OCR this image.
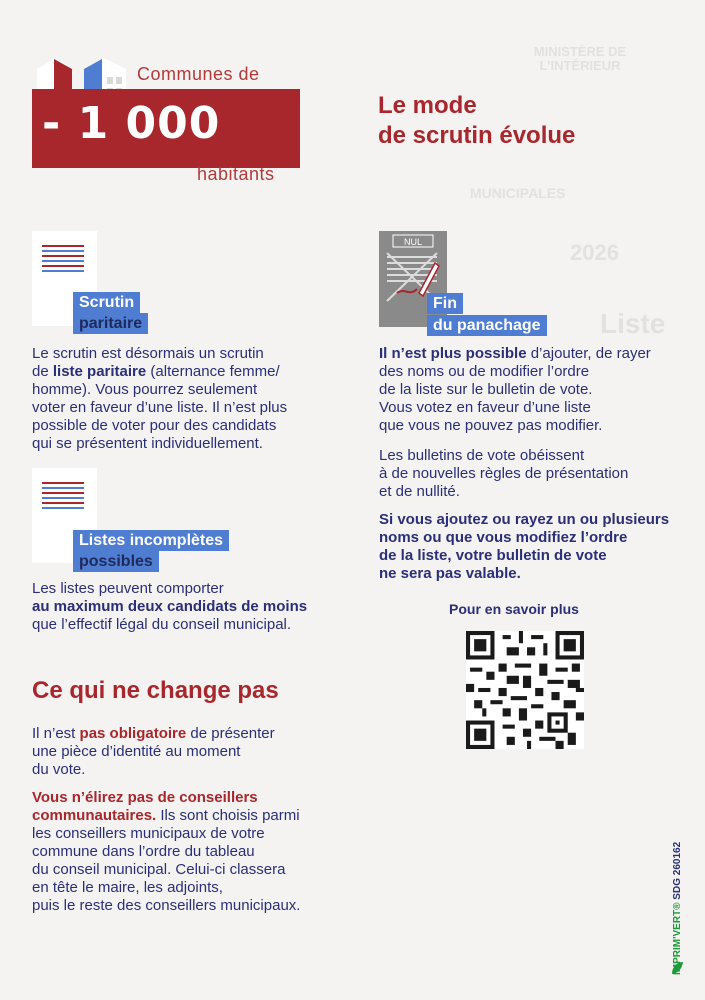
MINISTÈRE DE L'INTÉRIEUR
MUNICIPALES
2026
Liste
Communes de
- 1 000
habitants
Le mode
de scrutin évolue
Scrutin
paritaire
Le scrutin est désormais un scrutin
de liste paritaire (alternance femme/
homme). Vous pourrez seulement
voter en faveur d’une liste. Il n’est plus
possible de voter pour des candidats
qui se présentent individuellement.
Listes incomplètes
possibles
Les listes peuvent comporter
au maximum deux candidats de moins
que l’effectif légal du conseil municipal.
NUL
Fin
du panachage
Il n’est plus possible d’ajouter, de rayer
des noms ou de modifier l’ordre
de la liste sur le bulletin de vote.
Vous votez en faveur d’une liste
que vous ne pouvez pas modifier.
Les bulletins de vote obéissent
à de nouvelles règles de présentation
et de nullité.
Si vous ajoutez ou rayez un ou plusieurs
noms ou que vous modifiez l’ordre
de la liste, votre bulletin de vote
ne sera pas valable.
Pour en savoir plus
Ce qui ne change pas
Il n’est pas obligatoire de présenter
une pièce d’identité au moment
du vote.
Vous n’élirez pas de conseillers
communautaires. Ils sont choisis parmi
les conseillers municipaux de votre
commune dans l’ordre du tableau
du conseil municipal. Celui-ci classera
en tête le maire, les adjoints,
puis le reste des conseillers municipaux.	IMPRIM'VERT® SDG 260162
